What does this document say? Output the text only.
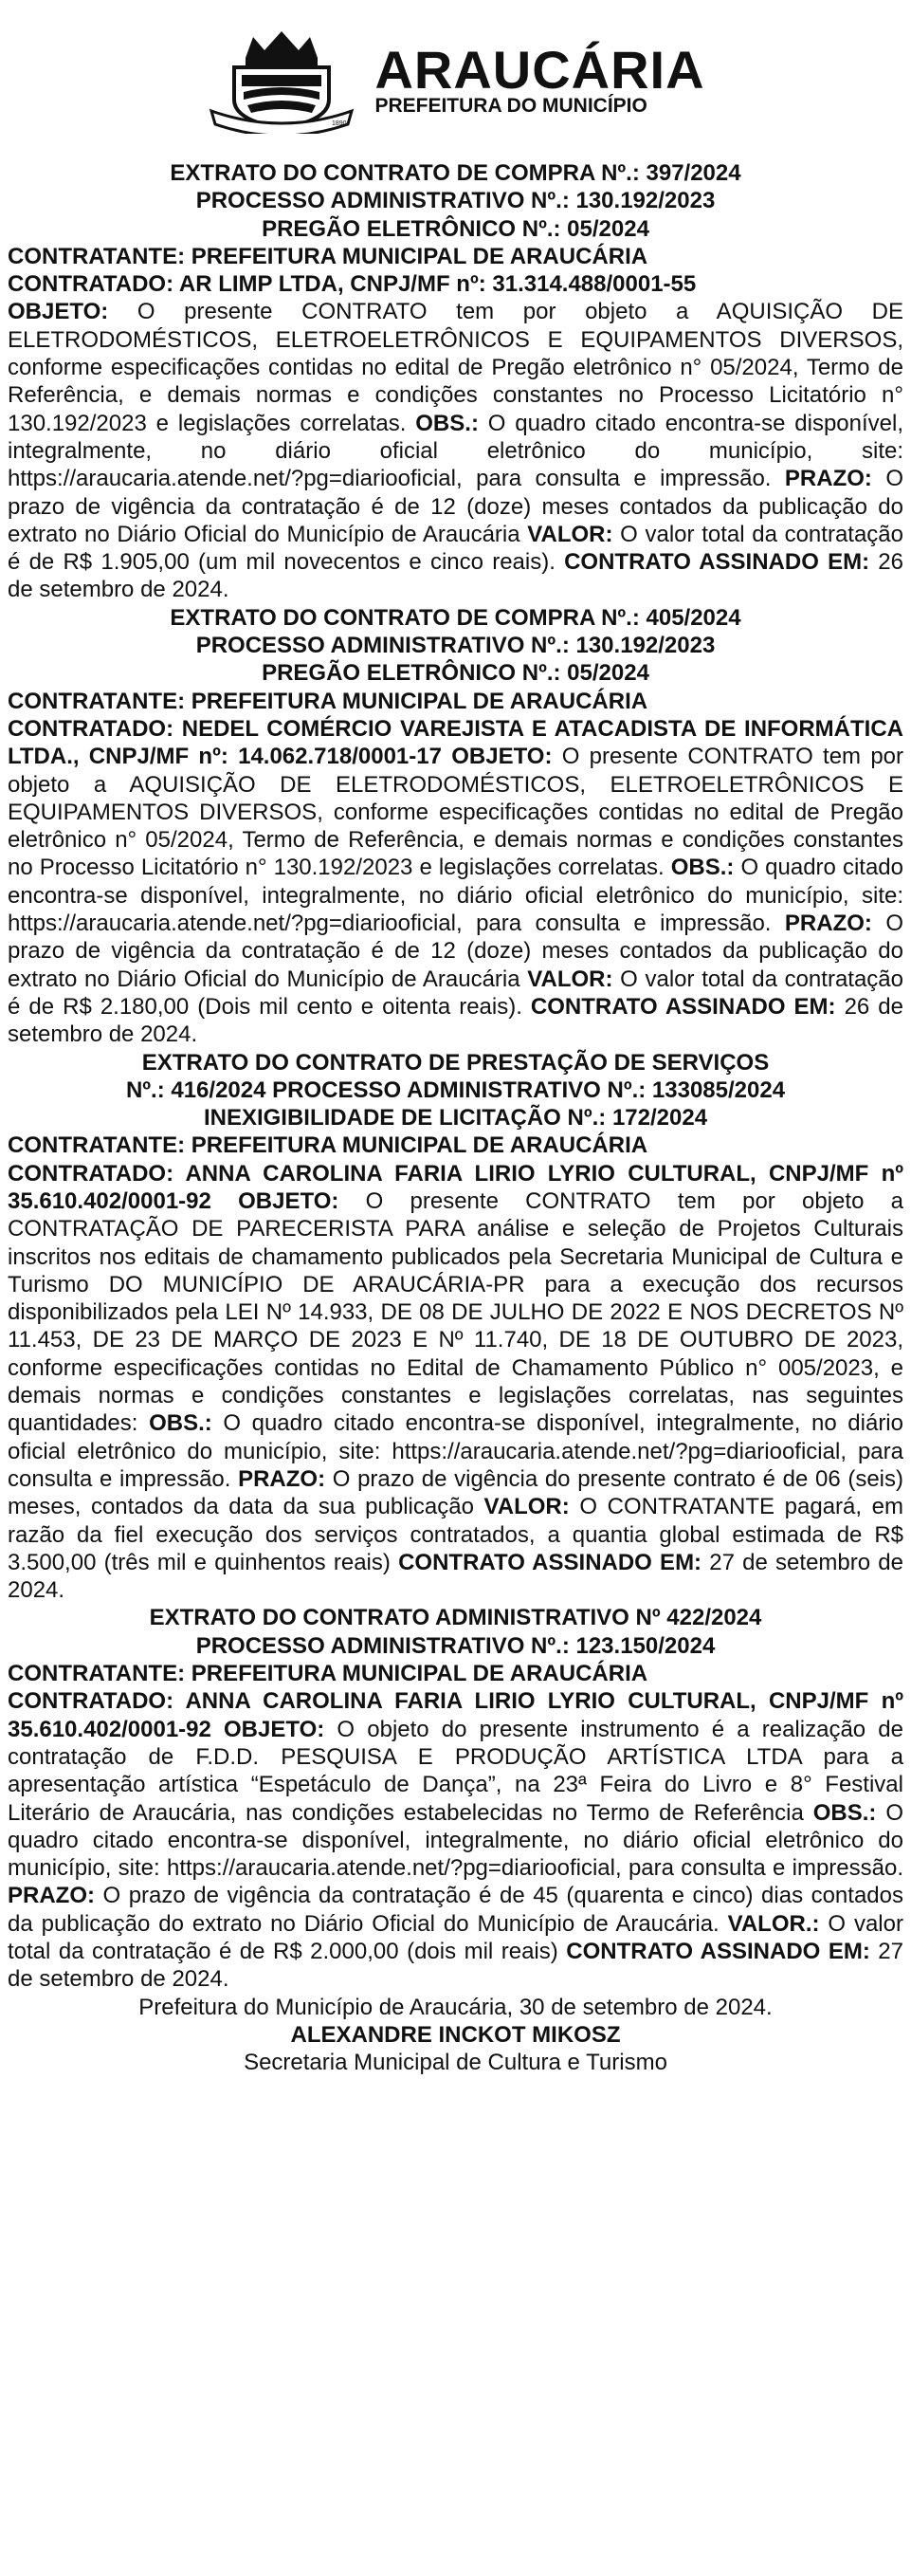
1890
ARAUCÁRIA
PREFEITURA DO MUNICÍPIO
EXTRATO DO CONTRATO DE COMPRA Nº.: 397/2024
PROCESSO ADMINISTRATIVO Nº.: 130.192/2023
PREGÃO ELETRÔNICO Nº.: 05/2024
CONTRATANTE: PREFEITURA MUNICIPAL DE ARAUCÁRIA

CONTRATADO: AR LIMP LTDA, CNPJ/MF nº: 31.314.488/0001-55

OBJETO: O presente CONTRATO tem por objeto a AQUISIÇÃO DE ELETRODOMÉSTICOS, ELETROELETRÔNICOS E EQUIPAMENTOS DIVERSOS, conforme especificações contidas no edital de Pregão eletrônico n° 05/2024, Termo de Referência, e demais normas e condições constantes no Processo Licitatório n° 130.192/2023 e legislações correlatas. OBS.: O quadro citado encontra-se disponível, integralmente, no diário oficial eletrônico do município, site: https://araucaria.atende.net/?pg=diariooficial, para consulta e impressão. PRAZO: O prazo de vigência da contratação é de 12 (doze) meses contados da publicação do extrato no Diário Oficial do Município de Araucária VALOR: O valor total da contratação é de R$ 1.905,00 (um mil novecentos e cinco reais). CONTRATO ASSINADO EM: 26 de setembro de 2024.

EXTRATO DO CONTRATO DE COMPRA Nº.: 405/2024
PROCESSO ADMINISTRATIVO Nº.: 130.192/2023
PREGÃO ELETRÔNICO Nº.: 05/2024
CONTRATANTE: PREFEITURA MUNICIPAL DE ARAUCÁRIA

CONTRATADO: NEDEL COMÉRCIO VAREJISTA E ATACADISTA DE INFORMÁTICA LTDA., CNPJ/MF nº: 14.062.718/0001-17 OBJETO: O presente CONTRATO tem por objeto a AQUISIÇÃO DE ELETRODOMÉSTICOS, ELETROELETRÔNICOS E EQUIPAMENTOS DIVERSOS, conforme especificações contidas no edital de Pregão eletrônico n° 05/2024, Termo de Referência, e demais normas e condições constantes no Processo Licitatório n° 130.192/2023 e legislações correlatas. OBS.: O quadro citado encontra-se disponível, integralmente, no diário oficial eletrônico do município, site: https://araucaria.atende.net/?pg=diariooficial, para consulta e impressão. PRAZO: O prazo de vigência da contratação é de 12 (doze) meses contados da publicação do extrato no Diário Oficial do Município de Araucária VALOR: O valor total da contratação é de R$ 2.180,00 (Dois mil cento e oitenta reais). CONTRATO ASSINADO EM: 26 de setembro de 2024.

EXTRATO DO CONTRATO DE PRESTAÇÃO DE SERVIÇOS
Nº.: 416/2024 PROCESSO ADMINISTRATIVO Nº.: 133085/2024
INEXIGIBILIDADE DE LICITAÇÃO Nº.: 172/2024
CONTRATANTE: PREFEITURA MUNICIPAL DE ARAUCÁRIA

CONTRATADO: ANNA CAROLINA FARIA LIRIO LYRIO CULTURAL, CNPJ/MF nº 35.610.402/0001-92 OBJETO: O presente CONTRATO tem por objeto a CONTRATAÇÃO DE PARECERISTA PARA análise e seleção de Projetos Culturais inscritos nos editais de chamamento publicados pela Secretaria Municipal de Cultura e Turismo DO MUNICÍPIO DE ARAUCÁRIA-PR para a execução dos recursos disponibilizados pela LEI Nº 14.933, DE 08 DE JULHO DE 2022 E NOS DECRETOS Nº 11.453, DE 23 DE MARÇO DE 2023 E Nº 11.740, DE 18 DE OUTUBRO DE 2023, conforme especificações contidas no Edital de Chamamento Público n° 005/2023, e demais normas e condições constantes e legislações correlatas, nas seguintes quantidades: OBS.: O quadro citado encontra-se disponível, integralmente, no diário oficial eletrônico do município, site: https://araucaria.atende.net/?pg=diariooficial, para consulta e impressão. PRAZO: O prazo de vigência do presente contrato é de 06 (seis) meses, contados da data da sua publicação VALOR: O CONTRATANTE pagará, em razão da fiel execução dos serviços contratados, a quantia global estimada de R$ 3.500,00 (três mil e quinhentos reais) CONTRATO ASSINADO EM: 27 de setembro de 2024.

EXTRATO DO CONTRATO ADMINISTRATIVO Nº 422/2024
PROCESSO ADMINISTRATIVO Nº.: 123.150/2024
CONTRATANTE: PREFEITURA MUNICIPAL DE ARAUCÁRIA

CONTRATADO: ANNA CAROLINA FARIA LIRIO LYRIO CULTURAL, CNPJ/MF nº 35.610.402/0001-92 OBJETO: O objeto do presente instrumento é a realização de contratação de F.D.D. PESQUISA E PRODUÇÃO ARTÍSTICA LTDA para a apresentação artística “Espetáculo de Dança”, na 23ª Feira do Livro e 8° Festival Literário de Araucária, nas condições estabelecidas no Termo de Referência OBS.: O quadro citado encontra-se disponível, integralmente, no diário oficial eletrônico do município, site: https://araucaria.atende.net/?pg=diariooficial, para consulta e impressão. PRAZO: O prazo de vigência da contratação é de 45 (quarenta e cinco) dias contados da publicação do extrato no Diário Oficial do Município de Araucária. VALOR.: O valor total da contratação é de R$ 2.000,00 (dois mil reais) CONTRATO ASSINADO EM: 27 de setembro de 2024.

Prefeitura do Município de Araucária, 30 de setembro de 2024.
ALEXANDRE INCKOT MIKOSZ
Secretaria Municipal de Cultura e Turismo
